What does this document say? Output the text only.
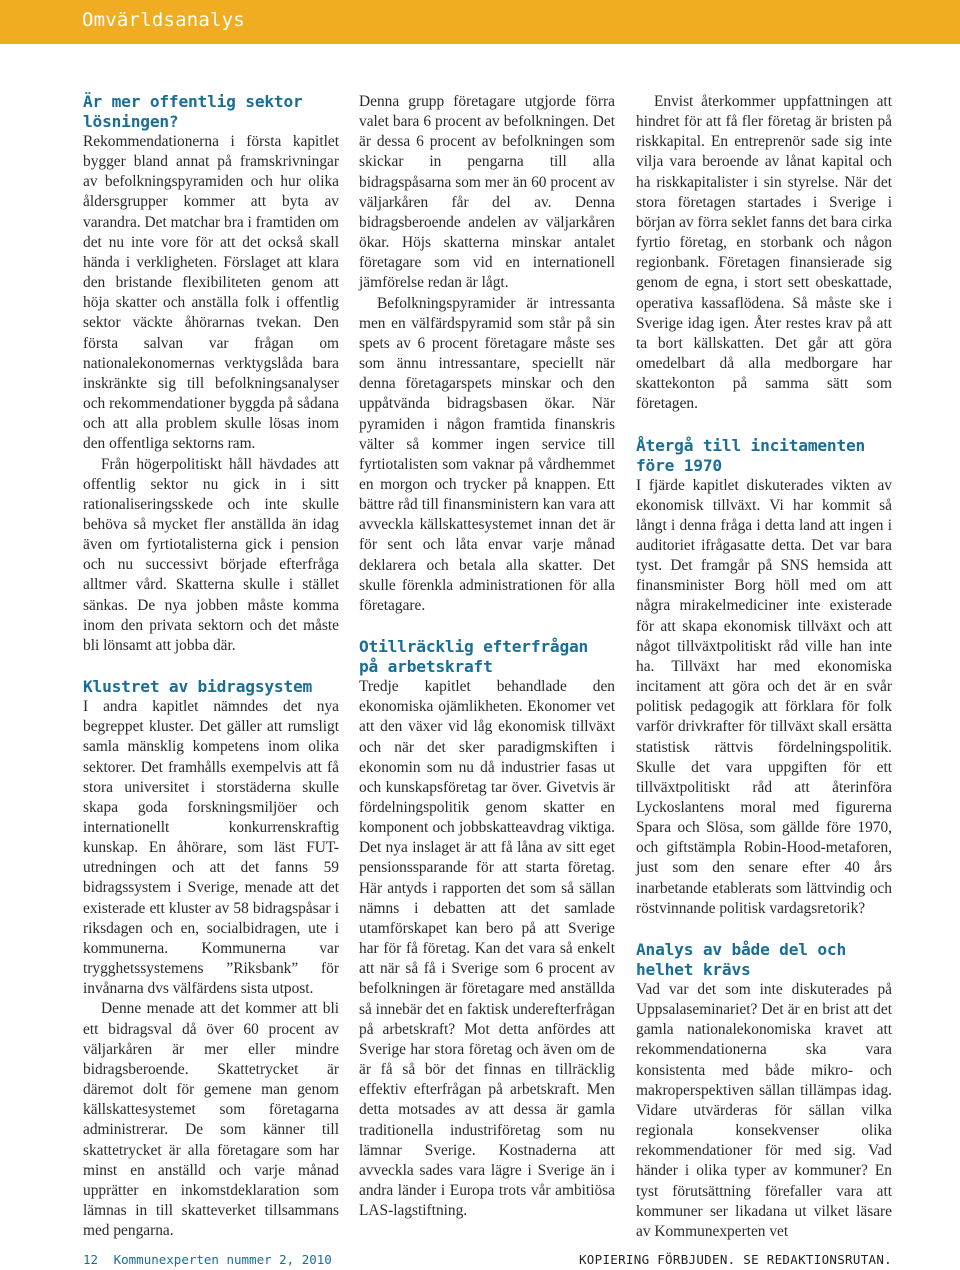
Omvärldsanalys
Är mer offentlig sektor lösningen?

Rekommendationerna i första kapitlet bygger bland annat på framskrivningar av befolkningspyramiden och hur olika åldersgrupper kommer att byta av varandra. Det matchar bra i framtiden om det nu inte vore för att det också skall hända i verkligheten. Förslaget att klara den bristande flexibiliteten genom att höja skatter och anställa folk i offentlig sektor väckte åhörarnas tvekan. Den första salvan var frågan om nationalekonomernas verktygslåda bara inskränkte sig till befolkningsanalyser och rekommendationer byggda på sådana och att alla problem skulle lösas inom den offentliga sektorns ram.

Från högerpolitiskt håll hävdades att offentlig sektor nu gick in i sitt rationaliseringsskede och inte skulle behöva så mycket fler anställda än idag även om fyrtiotalisterna gick i pension och nu successivt började efterfråga alltmer vård. Skatterna skulle i stället sänkas. De nya jobben måste komma inom den privata sektorn och det måste bli lönsamt att jobba där.

Klustret av bidragsystem

I andra kapitlet nämndes det nya begreppet kluster. Det gäller att rumsligt samla mänsklig kompetens inom olika sektorer. Det framhålls exempelvis att få stora universitet i storstäderna skulle skapa goda forskningsmiljöer och internationellt konkurrenskraftig kunskap. En åhörare, som läst FUT-utredningen och att det fanns 59 bidragssystem i Sverige, menade att det existerade ett kluster av 58 bidragspåsar i riksdagen och en, socialbidragen, ute i kommunerna. Kommunerna var trygghetssystemens ”Riksbank” för invånarna dvs välfärdens sista utpost.

Denne menade att det kommer att bli ett bidragsval då över 60 procent av väljarkåren är mer eller mindre bidragsberoende. Skattetrycket är däremot dolt för gemene man genom källskattesystemet som företagarna administrerar. De som känner till skattetrycket är alla företagare som har minst en anställd och varje månad upprätter en inkomstdeklaration som lämnas in till skatteverket tillsammans med pengarna.

Denna grupp företagare utgjorde förra valet bara 6 procent av befolkningen. Det är dessa 6 procent av befolkningen som skickar in pengarna till alla bidragspåsarna som mer än 60 procent av väljarkåren får del av. Denna bidragsberoende andelen av väljarkåren ökar. Höjs skatterna minskar antalet företagare som vid en internationell jämförelse redan är lågt.

Befolkningspyramider är intressanta men en välfärdspyramid som står på sin spets av 6 procent företagare måste ses som ännu intressantare, speciellt när denna företagarspets minskar och den uppåtvända bidragsbasen ökar. När pyramiden i någon framtida finanskris välter så kommer ingen service till fyrtiotalisten som vaknar på vårdhemmet en morgon och trycker på knappen. Ett bättre råd till finansministern kan vara att avveckla källskattesystemet innan det är för sent och låta envar varje månad deklarera och betala alla skatter. Det skulle förenkla administrationen för alla företagare.

Otillräcklig efterfrågan på arbetskraft

Tredje kapitlet behandlade den ekonomiska ojämlikheten. Ekonomer vet att den växer vid låg ekonomisk tillväxt och när det sker paradigmskiften i ekonomin som nu då industrier fasas ut och kunskapsföretag tar över. Givetvis är fördelningspolitik genom skatter en komponent och jobbskatteavdrag viktiga. Det nya inslaget är att få låna av sitt eget pensionssparande för att starta företag. Här antyds i rapporten det som så sällan nämns i debatten att det samlade utamförskapet kan bero på att Sverige har för få företag. Kan det vara så enkelt att när så få i Sverige som 6 procent av befolkningen är företagare med anställda så innebär det en faktisk underefterfrågan på arbetskraft? Mot detta anfördes att Sverige har stora företag och även om de är få så bör det finnas en tillräcklig effektiv efterfrågan på arbetskraft. Men detta motsades av att dessa är gamla traditionella industriföretag som nu lämnar Sverige. Kostnaderna att avveckla sades vara lägre i Sverige än i andra länder i Europa trots vår ambitiösa LAS-lagstiftning.

Envist återkommer uppfattningen att hindret för att få fler företag är bristen på riskkapital. En entreprenör sade sig inte vilja vara beroende av lånat kapital och ha riskkapitalister i sin styrelse. När det stora företagen startades i Sverige i början av förra seklet fanns det bara cirka fyrtio företag, en storbank och någon regionbank. Företagen finansierade sig genom de egna, i stort sett obeskattade, operativa kassaflödena. Så måste ske i Sverige idag igen. Åter restes krav på att ta bort källskatten. Det går att göra omedelbart då alla medborgare har skattekonton på samma sätt som företagen.

Återgå till incitamenten före 1970

I fjärde kapitlet diskuterades vikten av ekonomisk tillväxt. Vi har kommit så långt i denna fråga i detta land att ingen i auditoriet ifrågasatte detta. Det var bara tyst. Det framgår på SNS hemsida att finansminister Borg höll med om att några mirakelmediciner inte existerade för att skapa ekonomisk tillväxt och att något tillväxtpolitiskt råd ville han inte ha. Tillväxt har med ekonomiska incitament att göra och det är en svår politisk pedagogik att förklara för folk varför drivkrafter för tillväxt skall ersätta statistisk rättvis fördelningspolitik. Skulle det vara uppgiften för ett tillväxtpolitiskt råd att återinföra Lyckoslantens moral med figurerna Spara och Slösa, som gällde före 1970, och giftstämpla Robin-Hood-metaforen, just som den senare efter 40 års inarbetande etablerats som lättvindig och röstvinnande politisk vardagsretorik?

Analys av både del och helhet krävs

Vad var det som inte diskuterades på Uppsalaseminariet? Det är en brist att det gamla nationalekonomiska kravet att rekommendationerna ska vara konsistenta med både mikro- och makroperspektiven sällan tillämpas idag. Vidare utvärderas för sällan vilka regionala konsekvenser olika rekommendationer för med sig. Vad händer i olika typer av kommuner? En tyst förutsättning förefaller vara att kommuner ser likadana ut vilket läsare av Kommunexperten vet

12 Kommunexperten nummer 2, 2010	KOPIERING FÖRBJUDEN. SE REDAKTIONSRUTAN.
